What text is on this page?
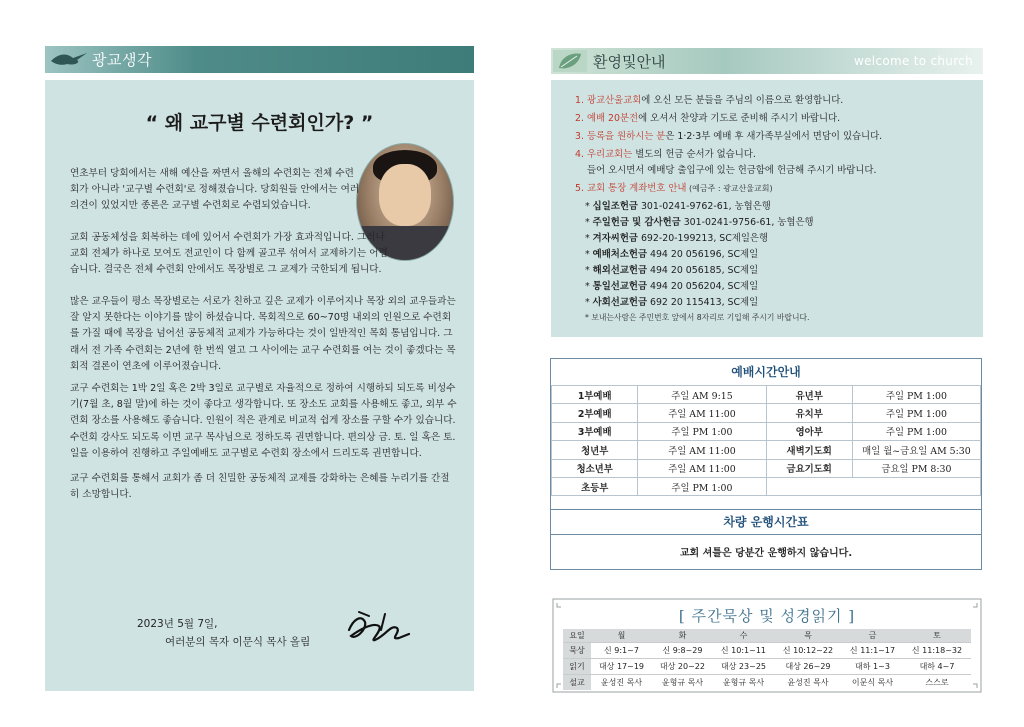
광교생각
“ 왜 교구별 수련회인가? ”

연초부터 당회에서는 새해 예산을 짜면서 올해의 수련회는 전체 수련회가 아니라 '교구별 수련회'로 정해졌습니다. 당회원들 안에서는 여러 의견이 있었지만 종론은 교구별 수련회로 수렴되었습니다.

교회 공동체성을 회복하는 데에 있어서 수련회가 가장 효과적입니다. 그러나 교회 전체가 하나로 모여도 전교인이 다 함께 골고루 섞여서 교제하기는 어렵습니다. 결국은 전체 수련회 안에서도 목장별로 그 교제가 국한되게 됩니다.

많은 교우들이 평소 목장별로는 서로가 친하고 깊은 교제가 이루어지나 목장 외의 교우들과는 잘 알지 못한다는 이야기를 많이 하셨습니다. 목회적으로 60~70명 내외의 인원으로 수련회를 가질 때에 목장을 넘어선 공동체적 교제가 가능하다는 것이 일반적인 목회 통념입니다. 그래서 전 가족 수련회는 2년에 한 번씩 열고 그 사이에는 교구 수련회를 여는 것이 좋겠다는 목회적 결론이 연초에 이루어졌습니다.

교구 수련회는 1박 2일 혹은 2박 3일로 교구별로 자율적으로 정하여 시행하되 되도록 비성수기(7월 초, 8월 말)에 하는 것이 좋다고 생각합니다. 또 장소도 교회를 사용해도 좋고, 외부 수련회 장소를 사용해도 좋습니다. 인원이 적은 관계로 비교적 쉽게 장소를 구할 수가 있습니다. 수련회 강사도 되도록 이면 교구 목사님으로 정하도록 권면합니다. 편의상 금. 토. 일 혹은 토. 일을 이용하여 진행하고 주일예배도 교구별로 수련회 장소에서 드리도록 권면합니다.

교구 수련회를 통해서 교회가 좀 더 친밀한 공동체적 교제를 강화하는 은혜를 누리기를 간절히 소망합니다.

2023년 5월 7일,
여러분의 목자 이문식 목사 올림
환영및안내	welcome to church
1. 광교산울교회에 오신 모든 분들을 주님의 이름으로 환영합니다.
2. 예배 20분전에 오셔서 찬양과 기도로 준비해 주시기 바랍니다.
3. 등록을 원하시는 분은 1·2·3부 예배 후 새가족부실에서 면담이 있습니다.
4. 우리교회는 별도의 헌금 순서가 없습니다.
들어 오시면서 예배당 출입구에 있는 헌금함에 헌금해 주시기 바랍니다.
5. 교회 통장 계좌번호 안내 (예금주 : 광교산울교회)
* 십일조헌금 301-0241-9762-61, 농협은행
* 주일헌금 및 감사헌금 301-0241-9756-61, 농협은행
* 겨자씨헌금 692-20-199213, SC제일은행
* 예배처소헌금 494 20 056196, SC제일
* 해외선교헌금 494 20 056185, SC제일
* 통일선교헌금 494 20 056204, SC제일
* 사회선교헌금 692 20 115413, SC제일
* 보내는사람은 주민번호 앞에서 8자리로 기입해 주시기 바랍니다.
예배시간안내
1부예배	주일 AM 9:15	유년부	주일 PM 1:00
2부예배	주일 AM 11:00	유치부	주일 PM 1:00
3부예배	주일 PM 1:00	영아부	주일 PM 1:00
청년부	주일 AM 11:00	새벽기도회	매일 월~금요일 AM 5:30
청소년부	주일 AM 11:00	금요기도회	금요일 PM 8:30
초등부	주일 PM 1:00		
차량 운행시간표
교회 셔틀은 당분간 운행하지 않습니다.
[ 주간묵상 및 성경읽기 ]
요일	월	화	수	목	금	토
묵상	신 9:1~7	신 9:8~29	신 10:1~11	신 10:12~22	신 11:1~17	신 11:18~32
읽기	대상 17~19	대상 20~22	대상 23~25	대상 26~29	대하 1~3	대하 4~7
설교	윤성진 목사	윤형규 목사	윤형규 목사	윤성진 목사	이문식 목사	스스로
